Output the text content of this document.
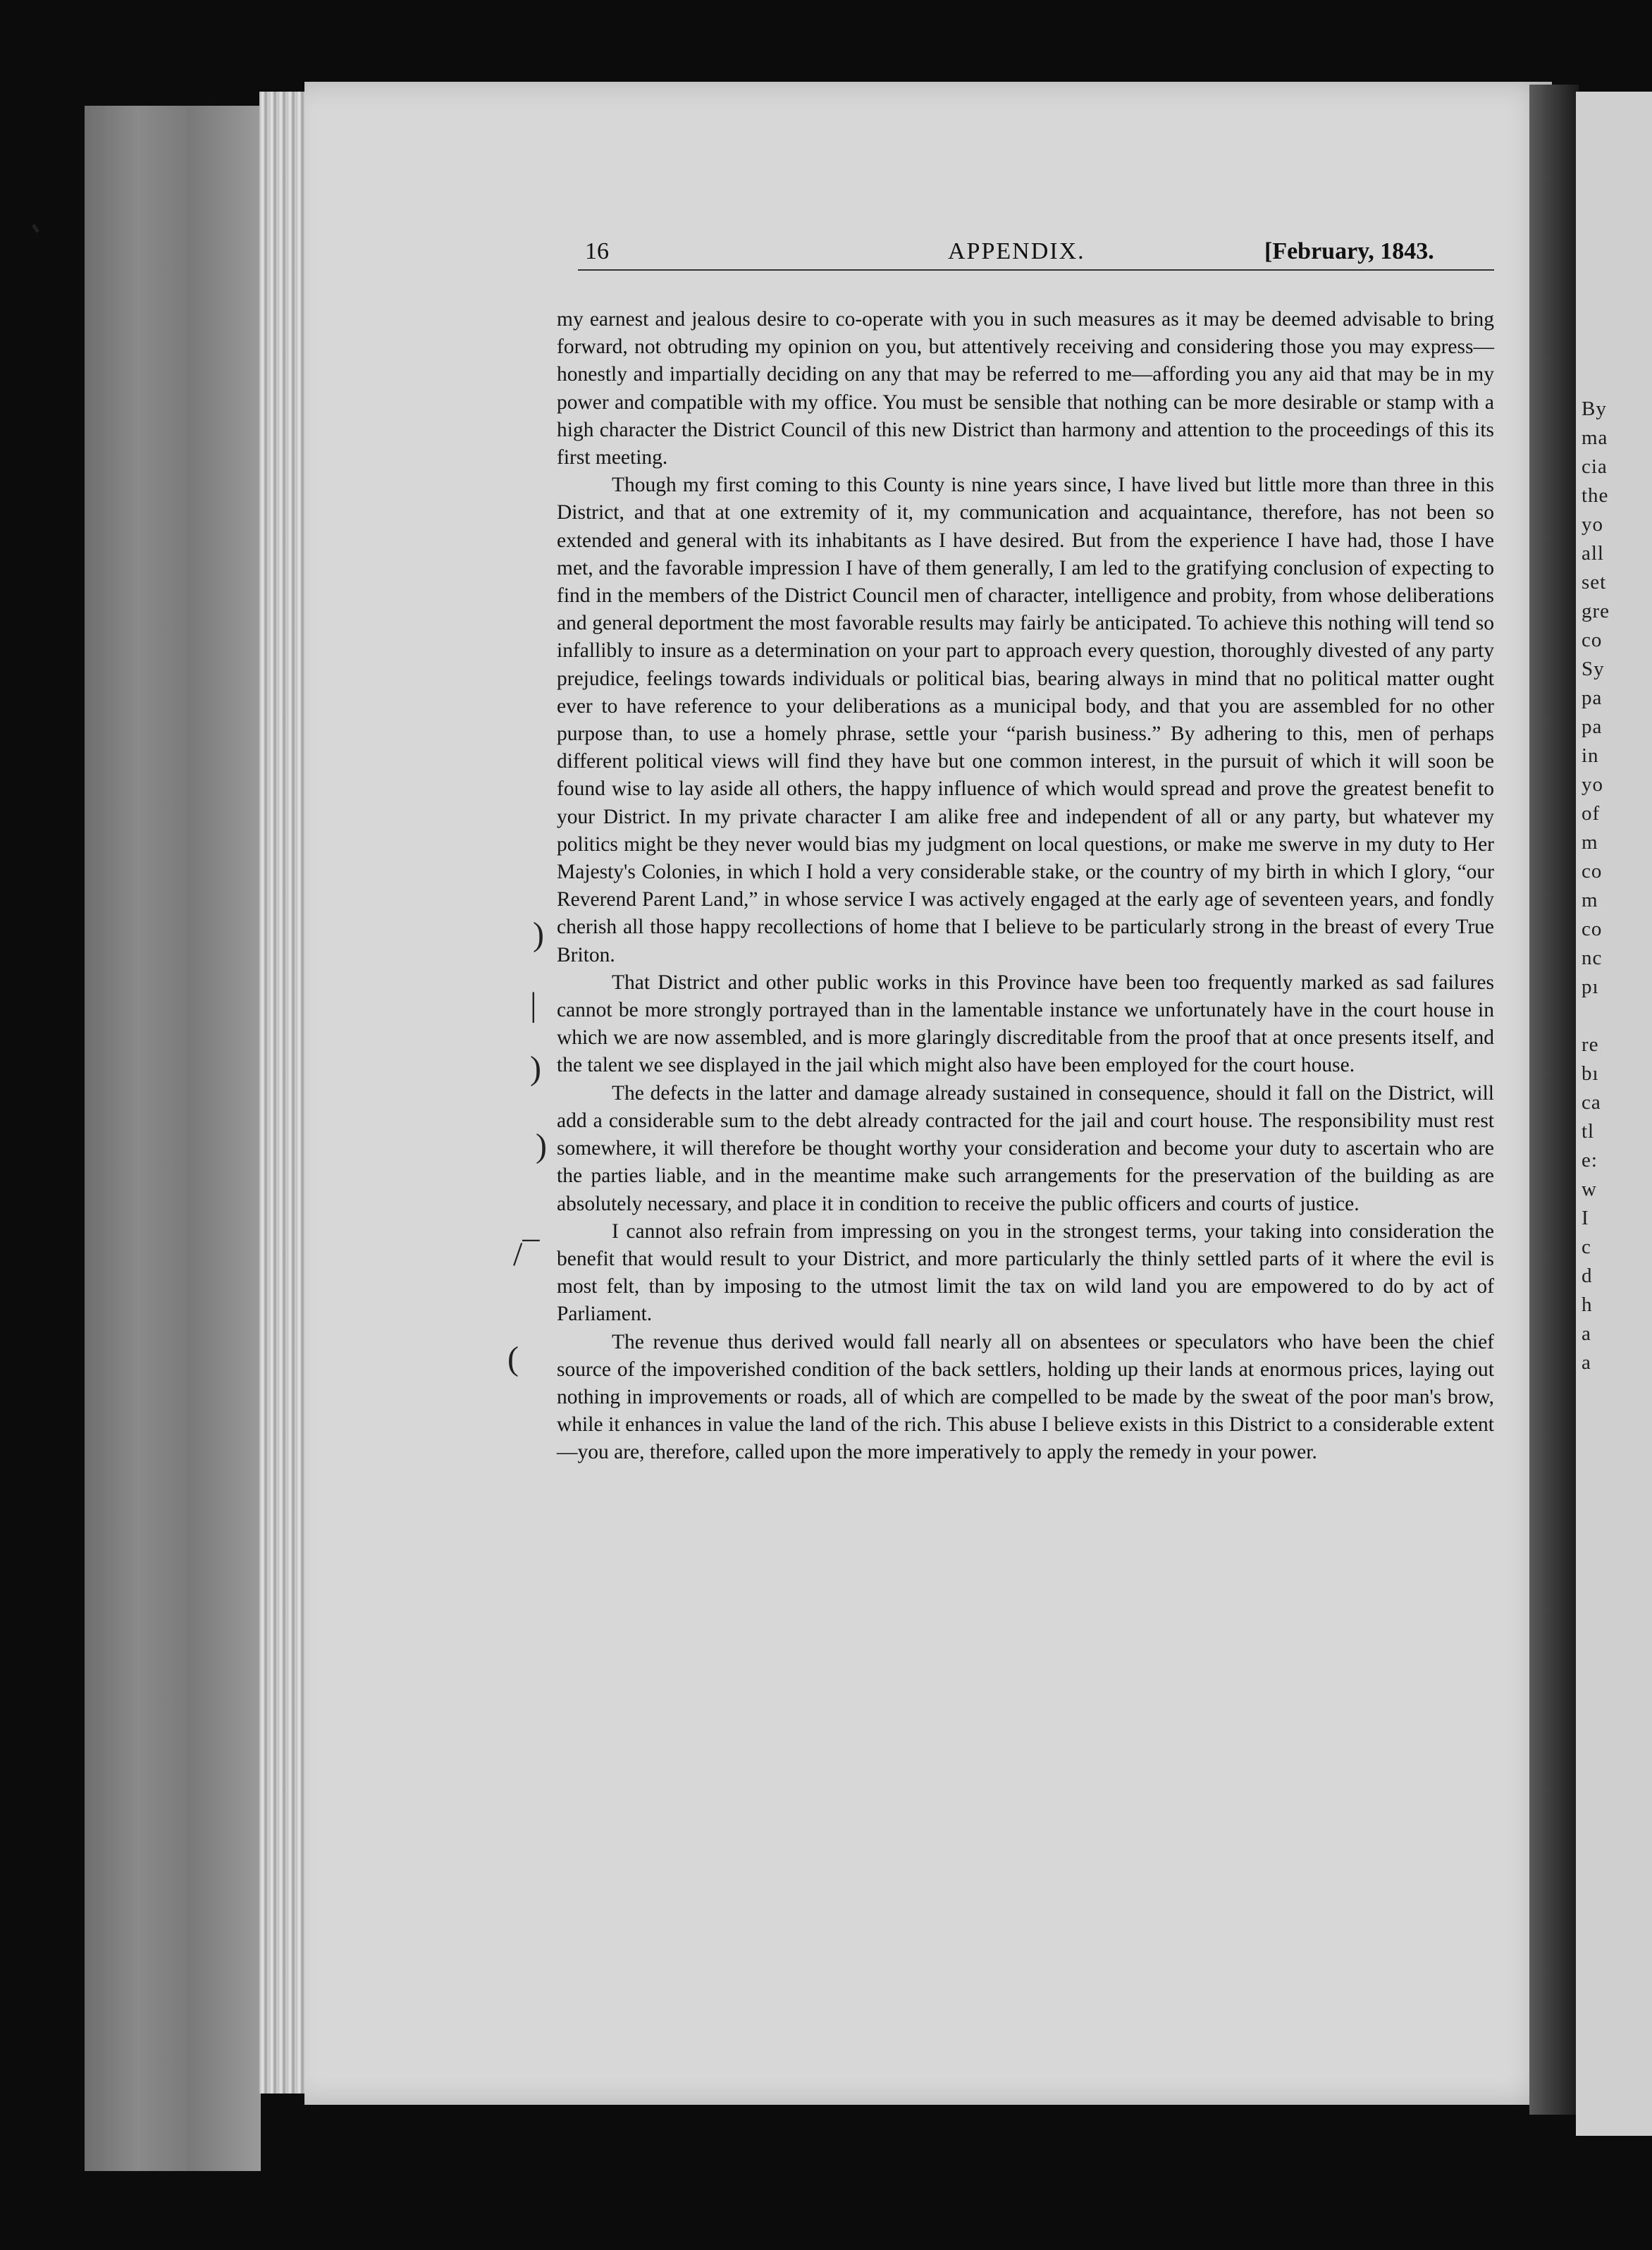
By
ma
cia
the
yo
all
set
gre
co
Sy
pa
pa
in
yo
of
m
co
m
co
nc
pı
re
bı
ca
tl
e:
w
I
c
d
h
a
a
16	APPENDIX.	[February, 1843.

my earnest and jealous desire to co-operate with you in such measures as it may be deemed advisable to bring forward, not obtruding my opinion on you, but attentively receiving and considering those you may express—honestly and impartially deciding on any that may be referred to me—affording you any aid that may be in my power and compatible with my office. You must be sensible that nothing can be more desirable or stamp with a high character the District Council of this new District than harmony and attention to the proceedings of this its first meeting.

Though my first coming to this County is nine years since, I have lived but little more than three in this District, and that at one extremity of it, my communication and acquaintance, therefore, has not been so extended and general with its inhabitants as I have desired. But from the experience I have had, those I have met, and the favorable impression I have of them generally, I am led to the gratifying conclusion of expecting to find in the members of the District Council men of character, intelligence and probity, from whose deliberations and general deportment the most favorable results may fairly be anticipated. To achieve this nothing will tend so infallibly to insure as a determination on your part to approach every question, thoroughly divested of any party prejudice, feelings towards individuals or political bias, bearing always in mind that no political matter ought ever to have reference to your deliberations as a municipal body, and that you are assembled for no other purpose than, to use a homely phrase, settle your “parish business.” By adhering to this, men of perhaps different political views will find they have but one common interest, in the pursuit of which it will soon be found wise to lay aside all others, the happy influence of which would spread and prove the greatest benefit to your District. In my private character I am alike free and independent of all or any party, but whatever my politics might be they never would bias my judgment on local questions, or make me swerve in my duty to Her Majesty's Colonies, in which I hold a very considerable stake, or the country of my birth in which I glory, “our Reverend Parent Land,” in whose service I was actively engaged at the early age of seventeen years, and fondly cherish all those happy recollections of home that I believe to be particularly strong in the breast of every True Briton.

That District and other public works in this Province have been too frequently marked as sad failures cannot be more strongly portrayed than in the lamentable instance we unfortunately have in the court house in which we are now assembled, and is more glaringly discreditable from the proof that at once presents itself, and the talent we see displayed in the jail which might also have been employed for the court house.

The defects in the latter and damage already sustained in consequence, should it fall on the District, will add a considerable sum to the debt already contracted for the jail and court house. The responsibility must rest somewhere, it will therefore be thought worthy your consideration and become your duty to ascertain who are the parties liable, and in the meantime make such arrangements for the preservation of the building as are absolutely necessary, and place it in condition to receive the public officers and courts of justice.

I cannot also refrain from impressing on you in the strongest terms, your taking into consideration the benefit that would result to your District, and more particularly the thinly settled parts of it where the evil is most felt, than by imposing to the utmost limit the tax on wild land you are empowered to do by act of Parliament.

The revenue thus derived would fall nearly all on absentees or speculators who have been the chief source of the impoverished condition of the back settlers, holding up their lands at enormous prices, laying out nothing in improvements or roads, all of which are compelled to be made by the sweat of the poor man's brow, while it enhances in value the land of the rich. This abuse I believe exists in this District to a considerable extent—you are, therefore, called upon the more imperatively to apply the remedy in your power.

)
|
)
)
/¯
(
